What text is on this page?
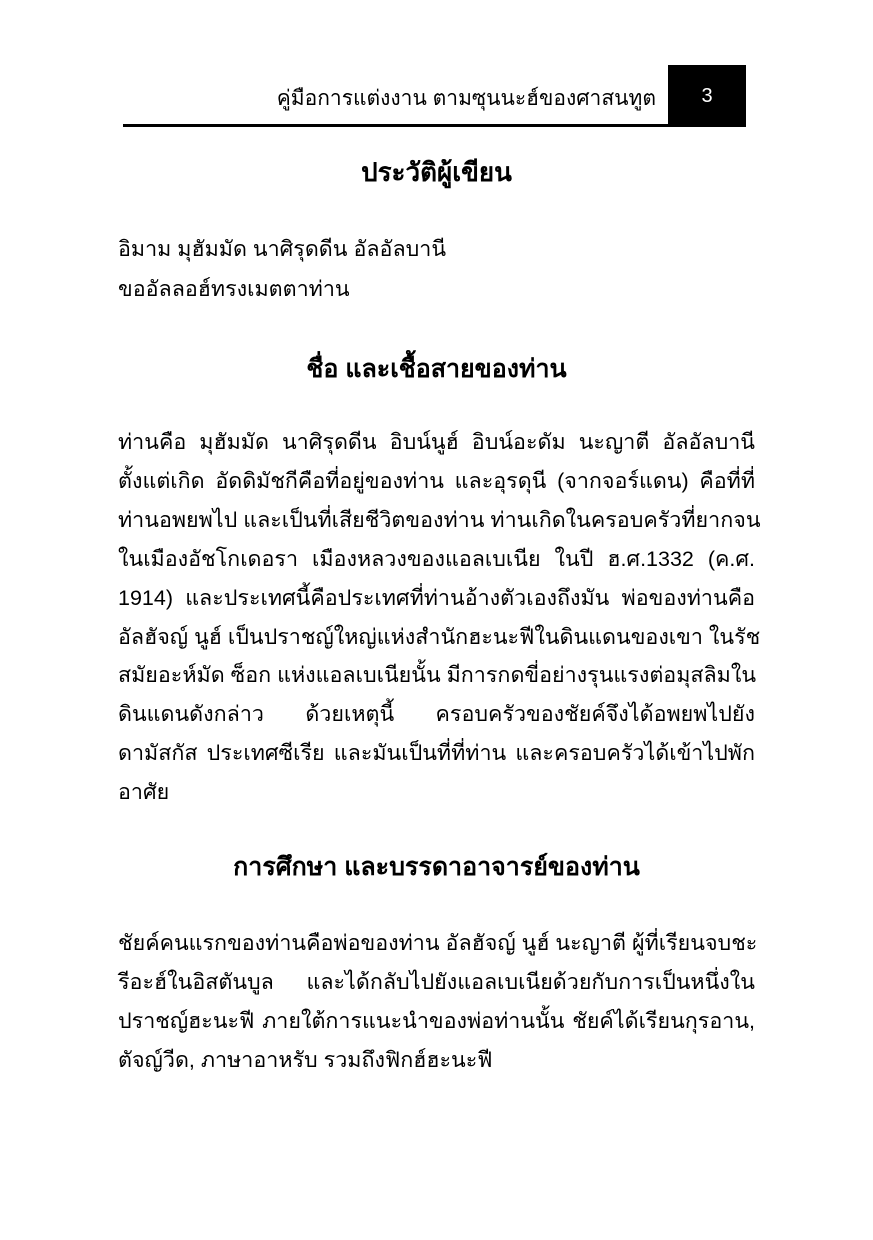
คู่มือการแต่งงาน ตามซุนนะฮ์ของศาสนทูต	3
ประวัติผู้เขียน
อิมาม มุฮัมมัด นาศิรุดดีน อัลอัลบานี
ขออัลลอฮ์ทรงเมตตาท่าน
ชื่อ และเชื้อสายของท่าน
ท่านคือ มุฮัมมัด นาศิรุดดีน อิบน์นูฮ์ อิบน์อะดัม นะญาตี อัลอัลบานี
ตั้งแต่เกิด อัดดิมัชกีคือที่อยู่ของท่าน และอุรดุนี (จากจอร์แดน) คือที่ที่
ท่านอพยพไป และเป็นที่เสียชีวิตของท่าน ท่านเกิดในครอบครัวที่ยากจน
ในเมืองอัชโกเดอรา เมืองหลวงของแอลเบเนีย ในปี ฮ.ศ.1332 (ค.ศ.
1914) และประเทศนี้คือประเทศที่ท่านอ้างตัวเองถึงมัน พ่อของท่านคือ
อัลฮัจญ์ นูฮ์ เป็นปราชญ์ใหญ่แห่งสำนักฮะนะฟีในดินแดนของเขา ในรัช
สมัยอะห์มัด ซ็อก แห่งแอลเบเนียนั้น มีการกดขี่อย่างรุนแรงต่อมุสลิมใน
ดินแดนดังกล่าว ด้วยเหตุนี้ ครอบครัวของชัยค์จึงได้อพยพไปยัง
ดามัสกัส ประเทศซีเรีย และมันเป็นที่ที่ท่าน และครอบครัวได้เข้าไปพัก
อาศัย
การศึกษา และบรรดาอาจารย์ของท่าน
ชัยค์คนแรกของท่านคือพ่อของท่าน อัลฮัจญ์ นูฮ์ นะญาตี ผู้ที่เรียนจบชะ
รีอะฮ์ในอิสตันบูล และได้กลับไปยังแอลเบเนียด้วยกับการเป็นหนึ่งใน
ปราชญ์ฮะนะฟี ภายใต้การแนะนำของพ่อท่านนั้น ชัยค์ได้เรียนกุรอาน,
ตัจญ์วีด, ภาษาอาหรับ รวมถึงฟิกฮ์ฮะนะฟี
